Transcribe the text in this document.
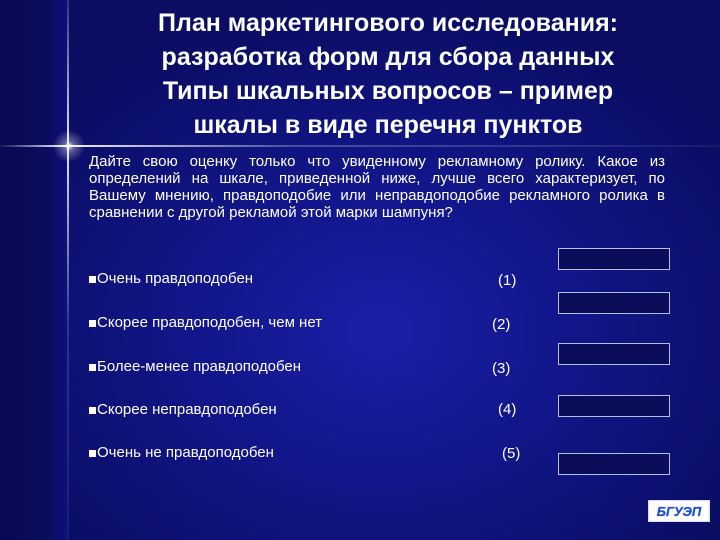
План маркетингового исследования:
разработка форм для сбора данных
Типы шкальных вопросов – пример
шкалы в виде перечня пунктов
Дайте свою оценку только что увиденному рекламному ролику. Какое из определений на шкале, приведенной ниже, лучше всего характеризует, по Вашему мнению, правдоподобие или неправдоподобие рекламного ролика в сравнении с другой рекламой этой марки шампуня?
Очень правдоподобен	(1)
Скорее правдоподобен, чем нет	(2)
Более-менее правдоподобен	(3)
Скорее неправдоподобен	(4)
Очень не правдоподобен	(5)
БГУЭП
